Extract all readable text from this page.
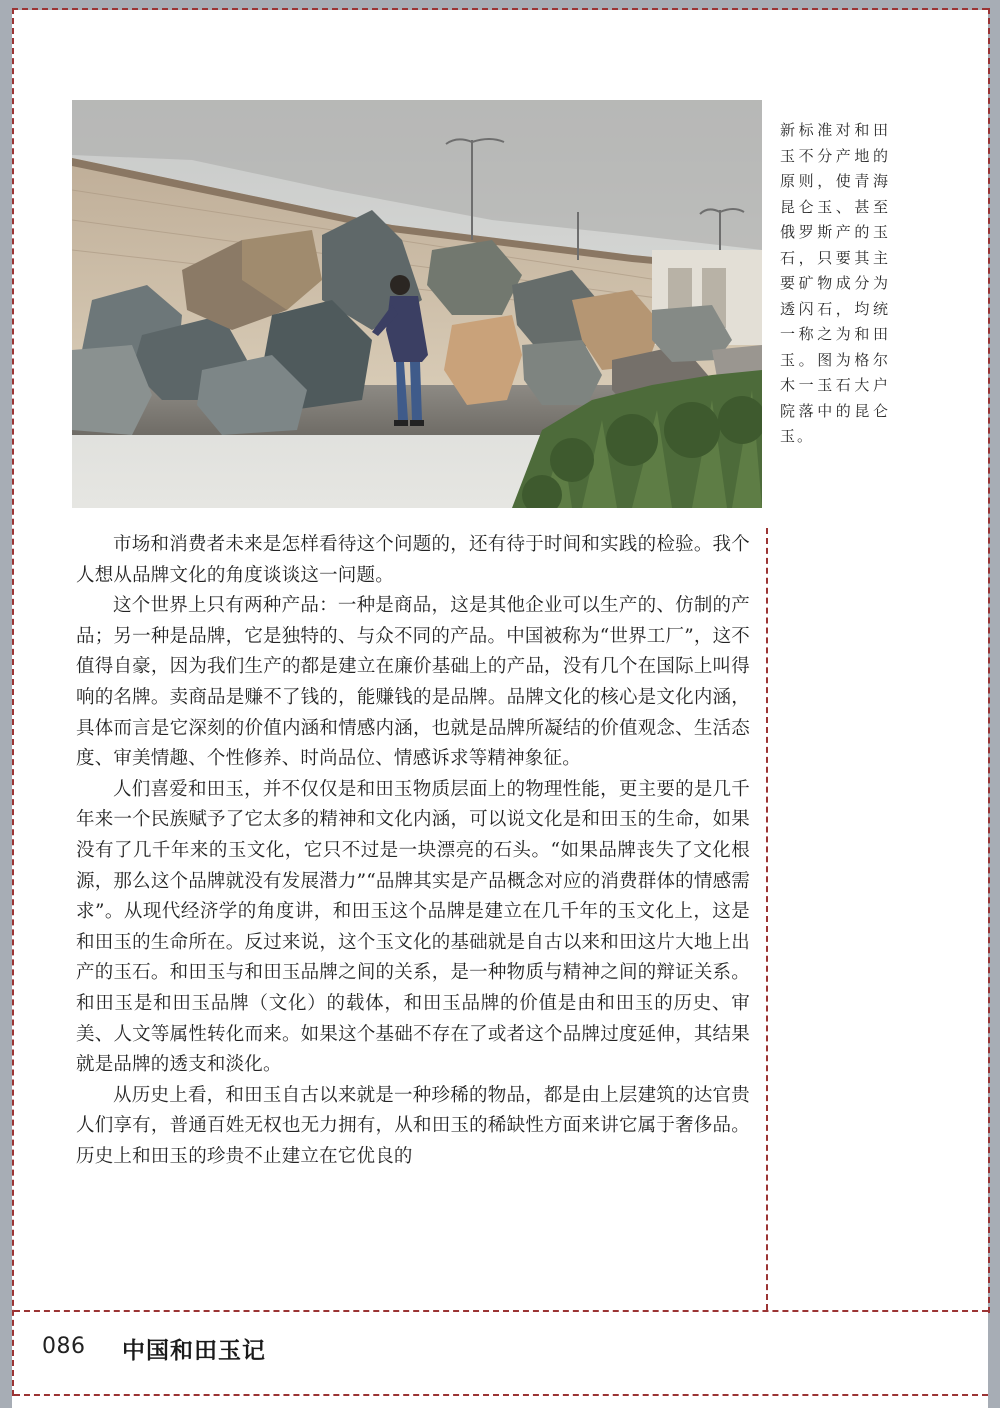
新标准对和田玉不分产地的原则，使青海昆仑玉、甚至俄罗斯产的玉石，只要其主要矿物成分为透闪石，均统一称之为和田玉。图为格尔木一玉石大户院落中的昆仑玉。

市场和消费者未来是怎样看待这个问题的，还有待于时间和实践的检验。我个人想从品牌文化的角度谈谈这一问题。

这个世界上只有两种产品：一种是商品，这是其他企业可以生产的、仿制的产品；另一种是品牌，它是独特的、与众不同的产品。中国被称为“世界工厂”，这不值得自豪，因为我们生产的都是建立在廉价基础上的产品，没有几个在国际上叫得响的名牌。卖商品是赚不了钱的，能赚钱的是品牌。品牌文化的核心是文化内涵，具体而言是它深刻的价值内涵和情感内涵，也就是品牌所凝结的价值观念、生活态度、审美情趣、个性修养、时尚品位、情感诉求等精神象征。

人们喜爱和田玉，并不仅仅是和田玉物质层面上的物理性能，更主要的是几千年来一个民族赋予了它太多的精神和文化内涵，可以说文化是和田玉的生命，如果没有了几千年来的玉文化，它只不过是一块漂亮的石头。“如果品牌丧失了文化根源，那么这个品牌就没有发展潜力”“品牌其实是产品概念对应的消费群体的情感需求”。从现代经济学的角度讲，和田玉这个品牌是建立在几千年的玉文化上，这是和田玉的生命所在。反过来说，这个玉文化的基础就是自古以来和田这片大地上出产的玉石。和田玉与和田玉品牌之间的关系，是一种物质与精神之间的辩证关系。和田玉是和田玉品牌（文化）的载体，和田玉品牌的价值是由和田玉的历史、审美、人文等属性转化而来。如果这个基础不存在了或者这个品牌过度延伸，其结果就是品牌的透支和淡化。

从历史上看，和田玉自古以来就是一种珍稀的物品，都是由上层建筑的达官贵人们享有，普通百姓无权也无力拥有，从和田玉的稀缺性方面来讲它属于奢侈品。历史上和田玉的珍贵不止建立在它优良的

086 中国和田玉记
